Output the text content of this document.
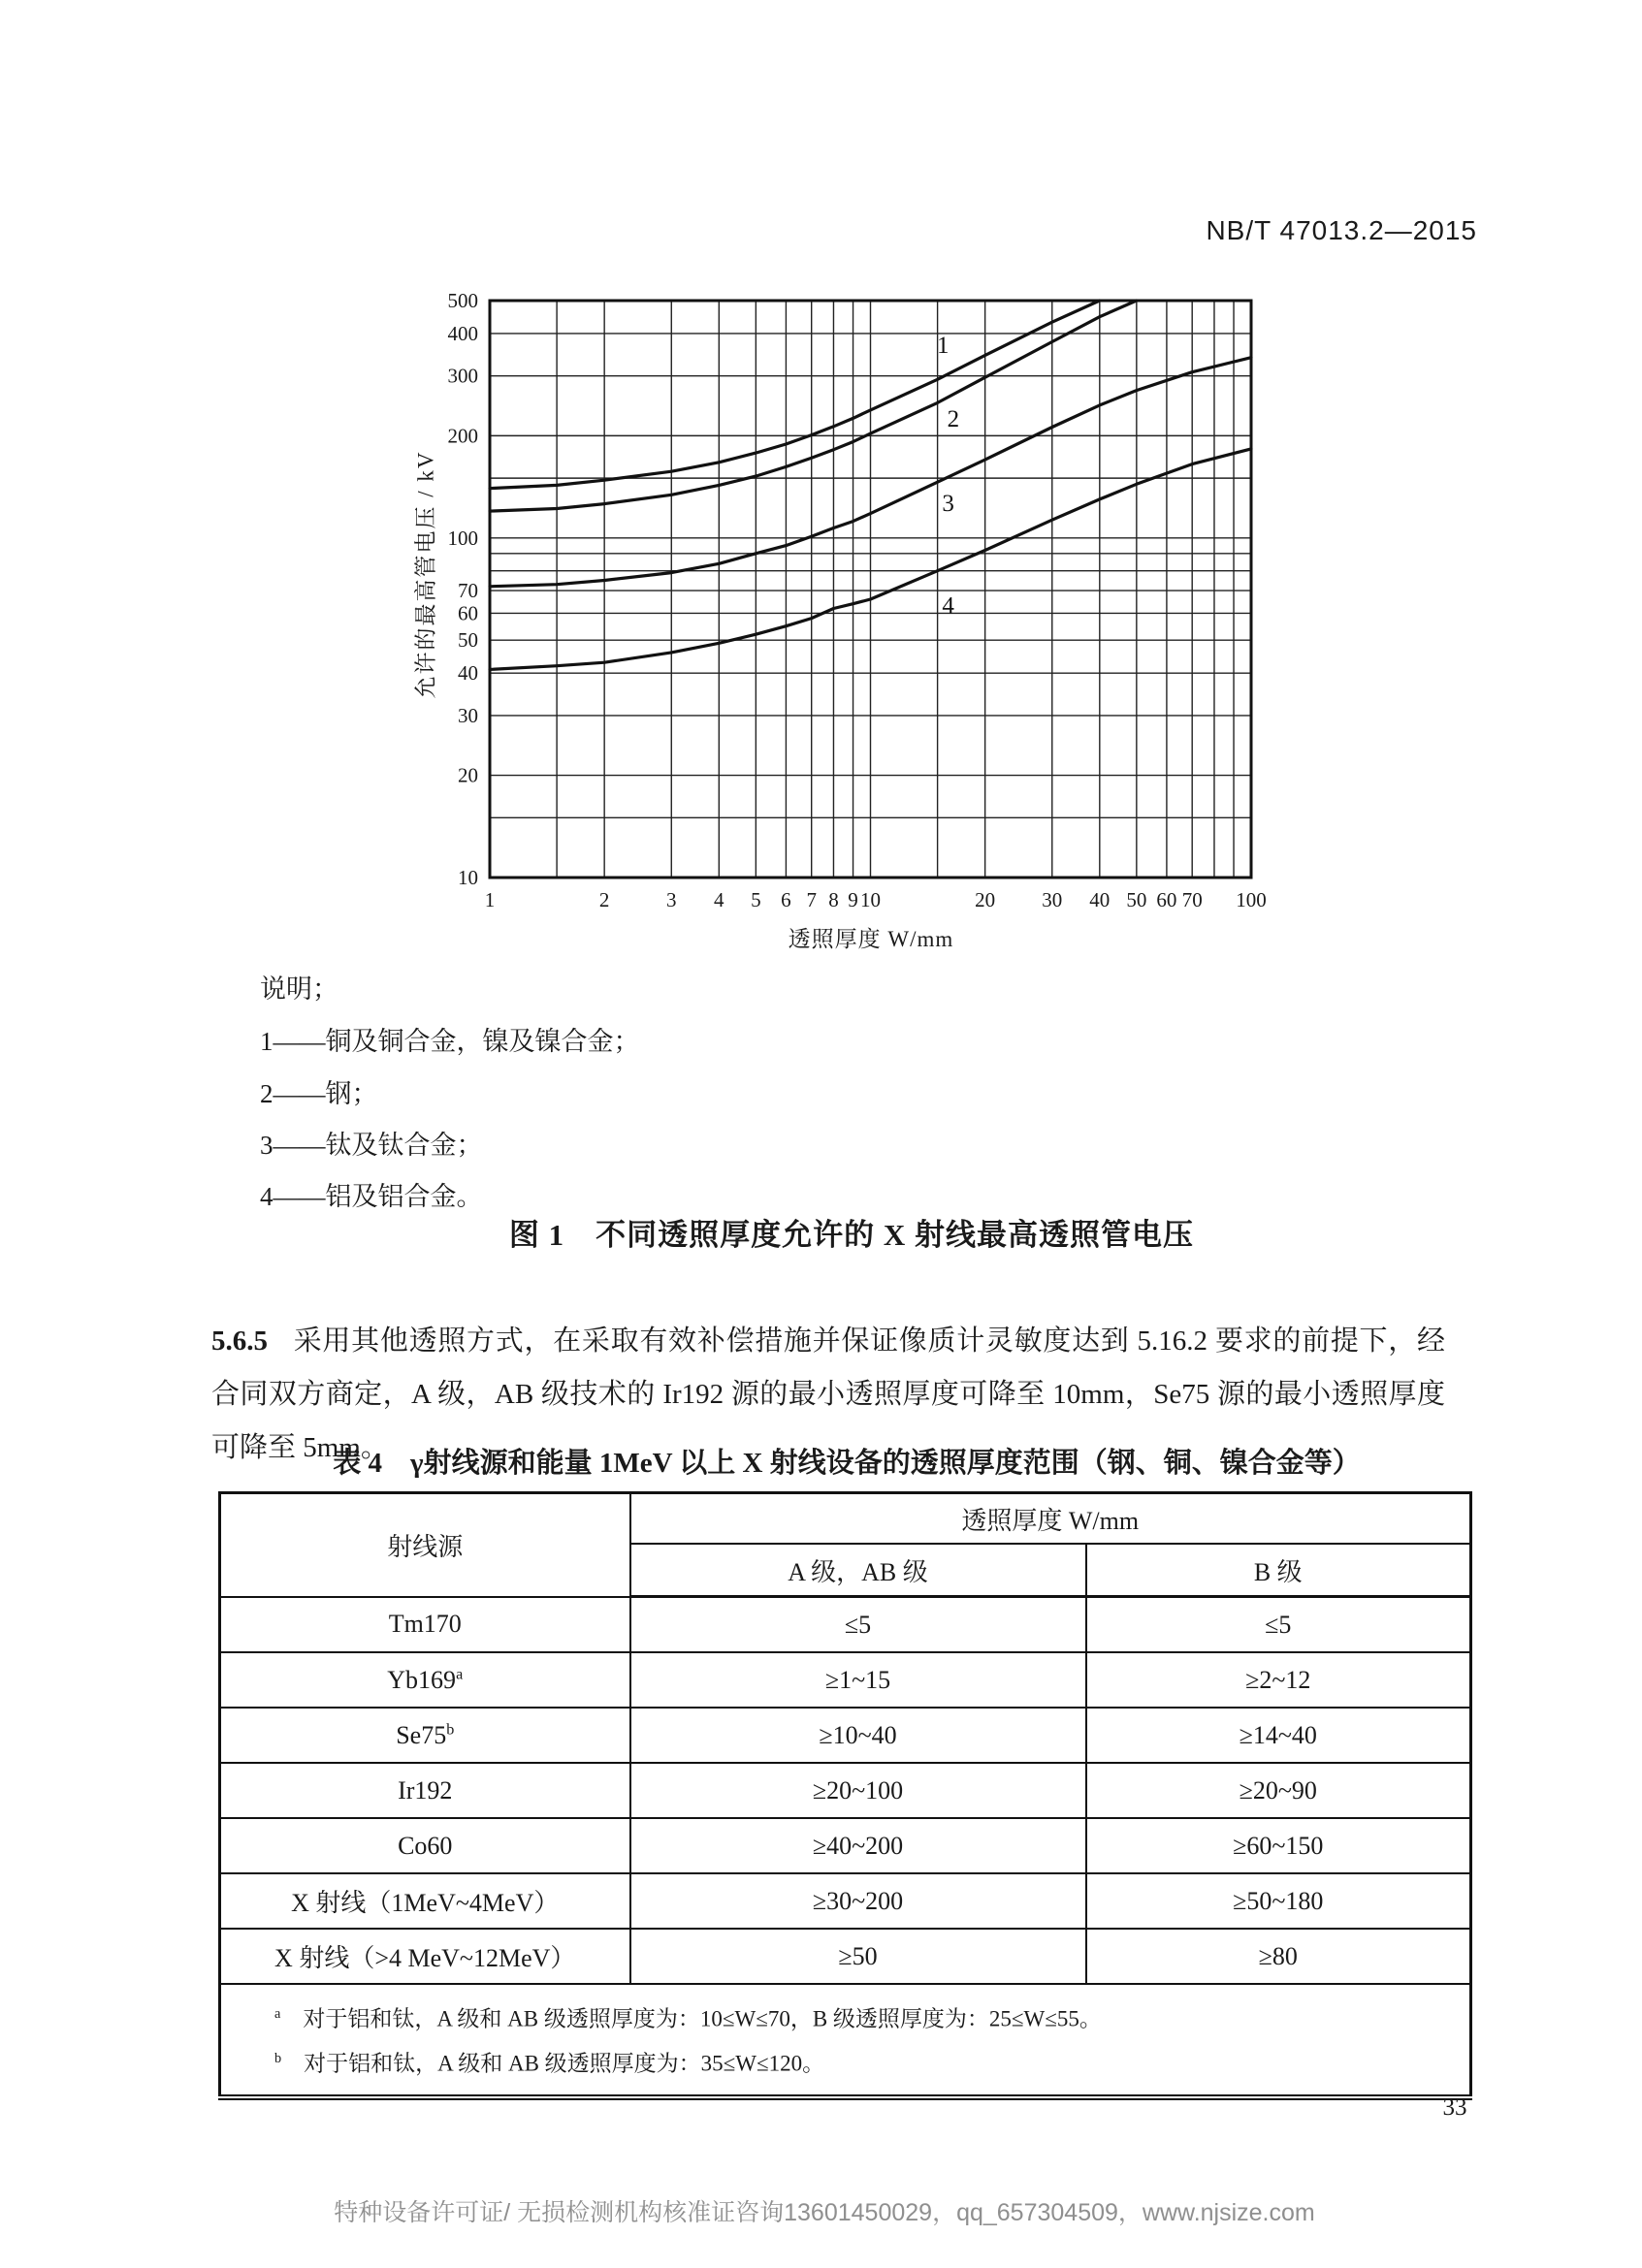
NB/T 47013.2—2015
1	2	3 4 5 6 7 8 9 10	20 30 40 50 60 70 100
10
20
30
40
50
60
70
100
200
300
400
500
1
2
3
4
允许的最高管电压 / kV
透照厚度 W/mm
说明；
1——铜及铜合金，镍及镍合金；
2——钢；
3——钛及钛合金；
4——铝及铝合金。
图 1　不同透照厚度允许的 X 射线最高透照管电压
5.6.5 采用其他透照方式，在采取有效补偿措施并保证像质计灵敏度达到 5.16.2 要求的前提下，经合同双方商定，A 级，AB 级技术的 Ir192 源的最小透照厚度可降至 10mm，Se75 源的最小透照厚度可降至 5mm。
表 4　γ射线源和能量 1MeV 以上 X 射线设备的透照厚度范围（钢、铜、镍合金等）
射线源	透照厚度 W/mm	
	A 级，AB 级	B 级
Tm170	≤5	≤5
$Yb169^a$	≥1~15	≥2~12
$Se75^b$	≥10~40	≥14~40
Ir192	≥20~100	≥20~90
Co60	≥40~200	≥60~150
X 射线（1MeV~4MeV）	≥30~200	≥50~180
X 射线（>4 MeV~12MeV）	≥50	≥80

$^a$　 对于铝和钛，A 级和 AB 级透照厚度为：10≤W≤70，B 级透照厚度为：25≤W≤55。
$^b$　 对于铝和钛，A 级和 AB 级透照厚度为：35≤W≤120。		
33
特种设备许可证/ 无损检测机构核准证咨询13601450029，qq_657304509，www.njsize.com
